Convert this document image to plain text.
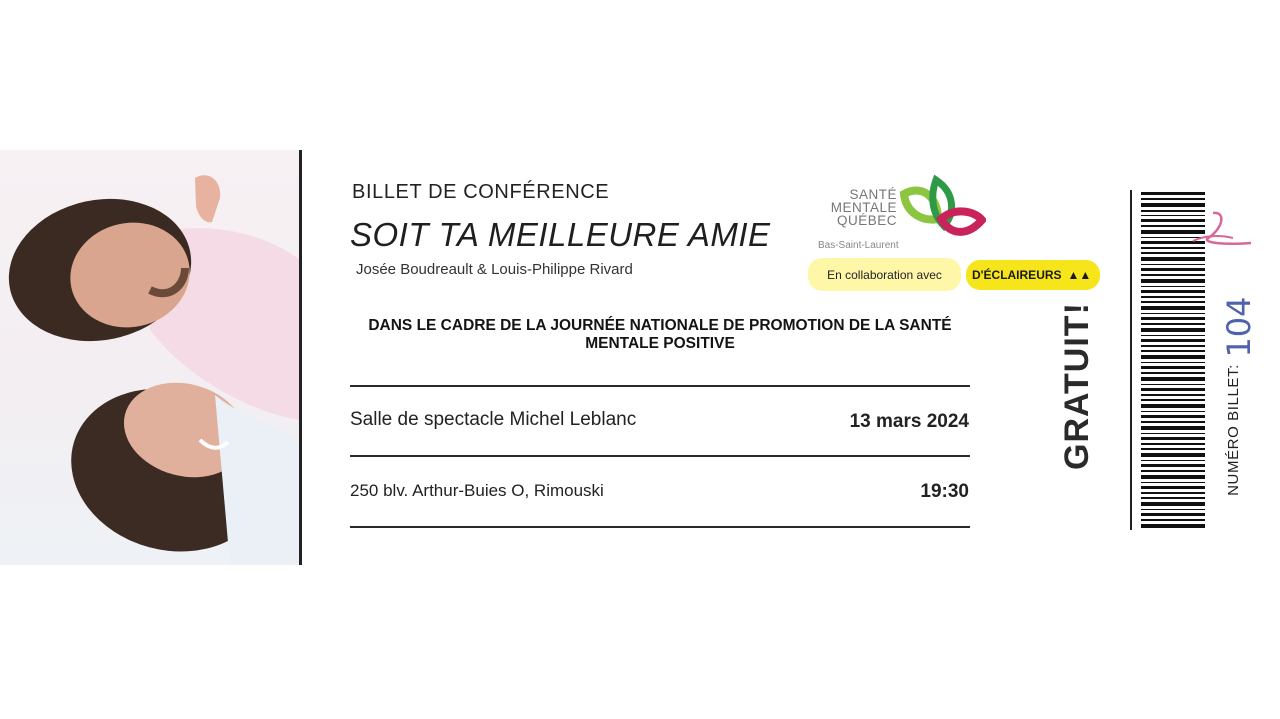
BILLET DE CONFÉRENCE
SOIT TA MEILLEURE AMIE
Josée Boudreault & Louis-Philippe Rivard
DANS LE CADRE DE LA JOURNÉE NATIONALE DE PROMOTION DE LA SANTÉ MENTALE POSITIVE
Salle de spectacle Michel Leblanc	13 mars 2024
250 blv. Arthur-Buies O, Rimouski	19:30
SANTÉ
MENTALE
QUÉBEC
Bas-Saint-Laurent
En collaboration avec	D'ÉCLAIREURS ▲▲
GRATUIT!	NUMÉRO BILLET:
104
